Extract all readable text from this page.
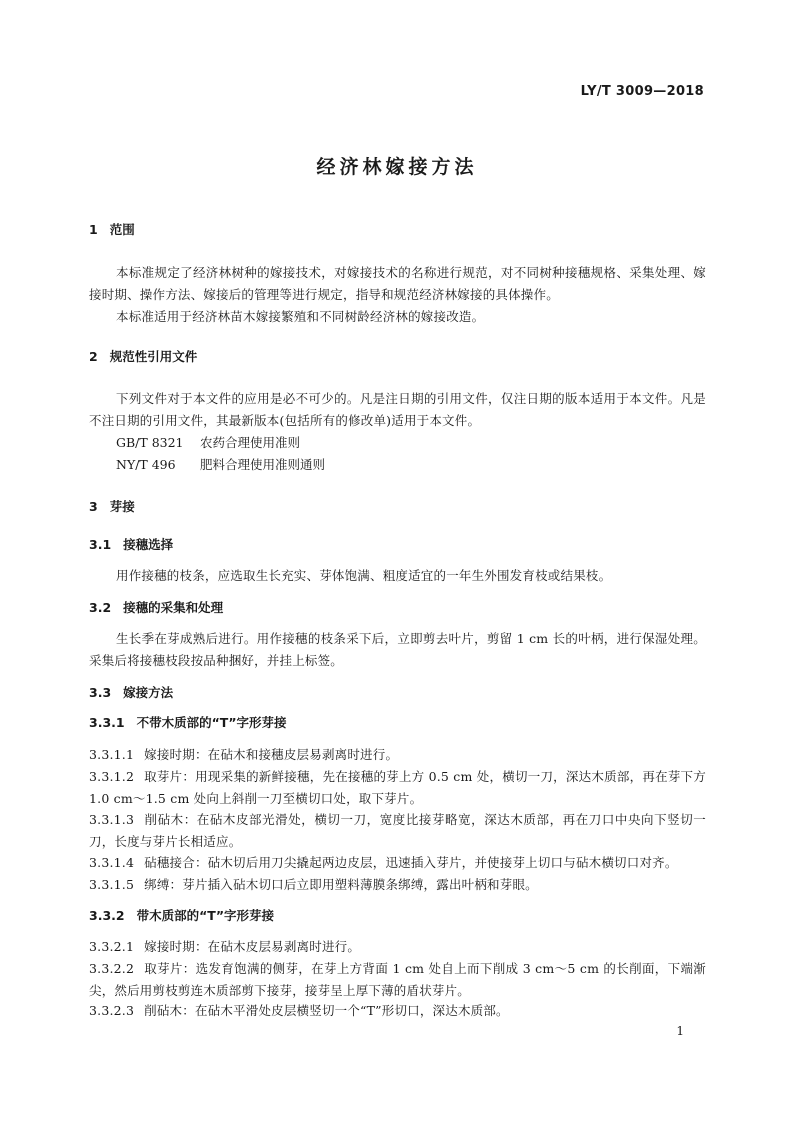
LY/T 3009—2018
经济林嫁接方法
1 范围
本标准规定了经济林树种的嫁接技术，对嫁接技术的名称进行规范，对不同树种接穗规格、采集处理、嫁接时期、操作方法、嫁接后的管理等进行规定，指导和规范经济林嫁接的具体操作。
本标准适用于经济林苗木嫁接繁殖和不同树龄经济林的嫁接改造。
2 规范性引用文件
下列文件对于本文件的应用是必不可少的。凡是注日期的引用文件，仅注日期的版本适用于本文件。凡是不注日期的引用文件，其最新版本(包括所有的修改单)适用于本文件。
GB/T 8321 农药合理使用准则
NY/T 496 肥料合理使用准则通则
3 芽接
3.1 接穗选择
用作接穗的枝条，应选取生长充实、芽体饱满、粗度适宜的一年生外围发育枝或结果枝。
3.2 接穗的采集和处理
生长季在芽成熟后进行。用作接穗的枝条采下后，立即剪去叶片，剪留 1 cm 长的叶柄，进行保湿处理。采集后将接穗枝段按品种捆好，并挂上标签。
3.3 嫁接方法
3.3.1 不带木质部的“T”字形芽接
3.3.1.1 嫁接时期：在砧木和接穗皮层易剥离时进行。
3.3.1.2 取芽片：用现采集的新鲜接穗，先在接穗的芽上方 0.5 cm 处，横切一刀，深达木质部，再在芽下方 1.0 cm～1.5 cm 处向上斜削一刀至横切口处，取下芽片。
3.3.1.3 削砧木：在砧木皮部光滑处，横切一刀，宽度比接芽略宽，深达木质部，再在刀口中央向下竖切一刀，长度与芽片长相适应。
3.3.1.4 砧穗接合：砧木切后用刀尖撬起两边皮层，迅速插入芽片，并使接芽上切口与砧木横切口对齐。
3.3.1.5 绑缚：芽片插入砧木切口后立即用塑料薄膜条绑缚，露出叶柄和芽眼。
3.3.2 带木质部的“T”字形芽接
3.3.2.1 嫁接时期：在砧木皮层易剥离时进行。
3.3.2.2 取芽片：选发育饱满的侧芽，在芽上方背面 1 cm 处自上而下削成 3 cm～5 cm 的长削面，下端渐尖，然后用剪枝剪连木质部剪下接芽，接芽呈上厚下薄的盾状芽片。
3.3.2.3 削砧木：在砧木平滑处皮层横竖切一个“T”形切口，深达木质部。
1
